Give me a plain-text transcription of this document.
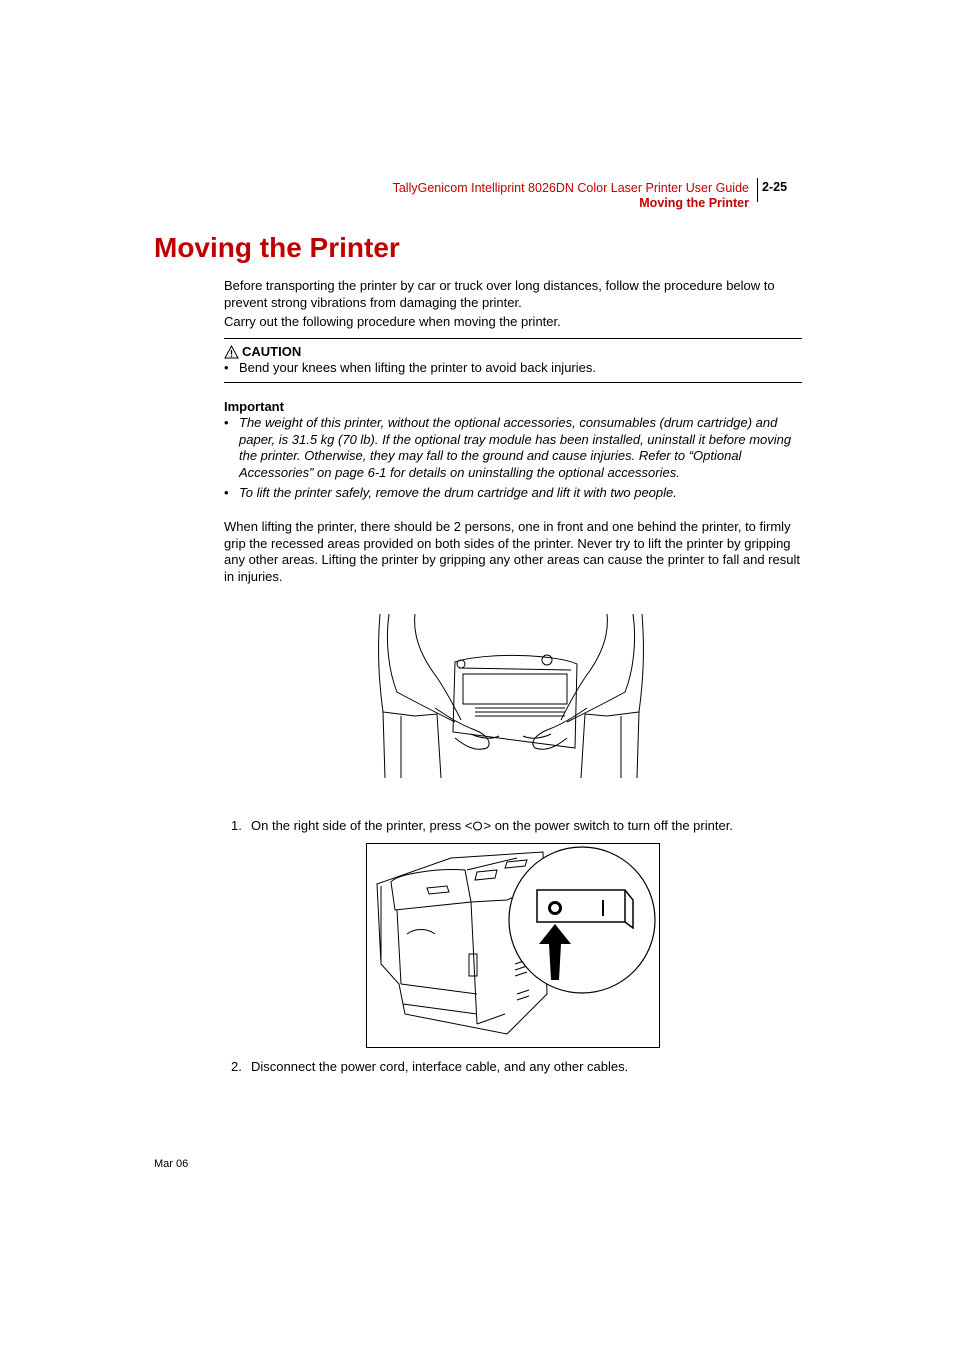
TallyGenicom Intelliprint 8026DN Color Laser Printer User Guide
Moving the Printer
2-25
Moving the Printer
Before transporting the printer by car or truck over long distances, follow the procedure below to prevent strong vibrations from damaging the printer.
Carry out the following procedure when moving the printer.
CAUTION
• Bend your knees when lifting the printer to avoid back injuries.
Important
• The weight of this printer, without the optional accessories, consumables (drum cartridge) and paper, is 31.5 kg (70 lb). If the optional tray module has been installed, uninstall it before moving the printer. Otherwise, they may fall to the ground and cause injuries. Refer to “Optional Accessories” on page 6-1 for details on uninstalling the optional accessories.
• To lift the printer safely, remove the drum cartridge and lift it with two people.
When lifting the printer, there should be 2 persons, one in front and one behind the printer, to firmly grip the recessed areas provided on both sides of the printer. Never try to lift the printer by gripping any other areas. Lifting the printer by gripping any other areas can cause the printer to fall and result in injuries.
1. On the right side of the printer, press < > on the power switch to turn off the printer.
2. Disconnect the power cord, interface cable, and any other cables.
Mar 06
